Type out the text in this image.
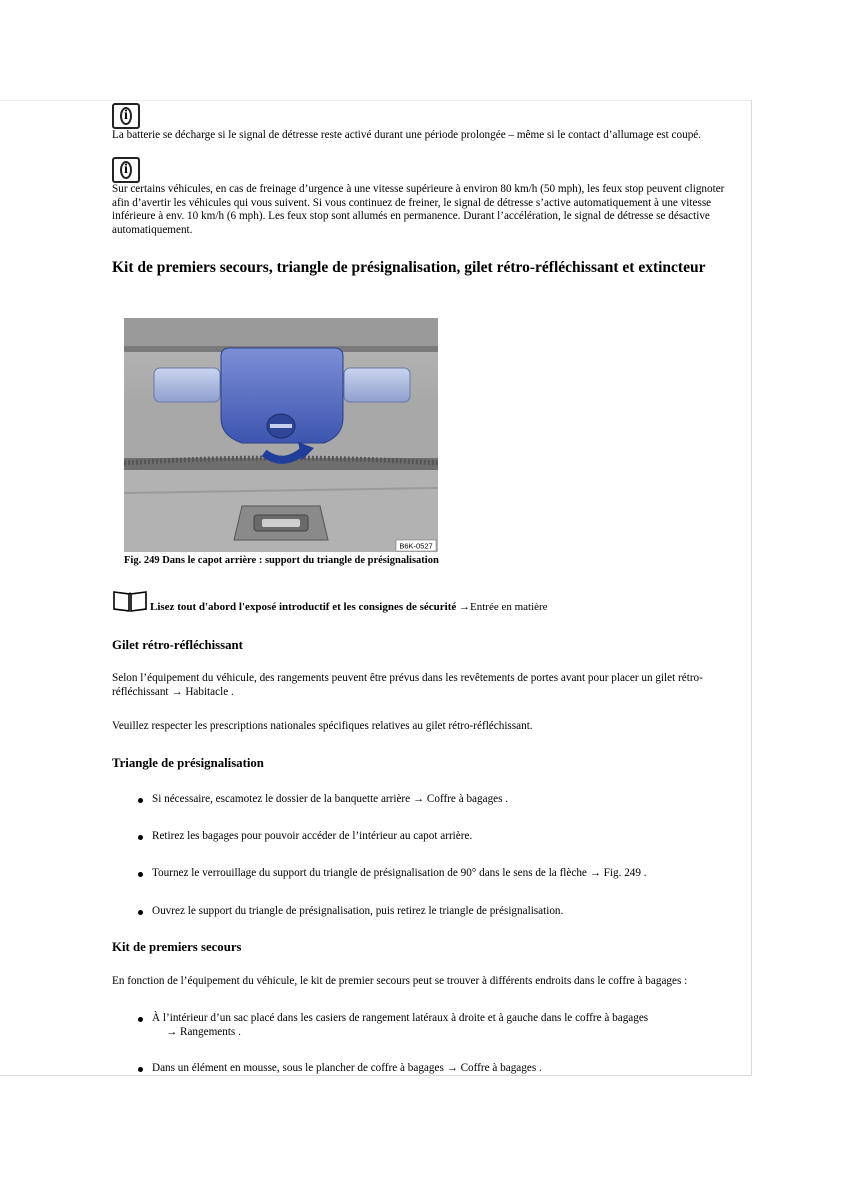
i
La batterie se décharge si le signal de détresse reste activé durant une période prolongée – même si le contact d’allumage est coupé.
i
Sur certains véhicules, en cas de freinage d’urgence à une vitesse supérieure à environ 80 km/h (50 mph), les feux stop peuvent clignoter afin d’avertir les véhicules qui vous suivent. Si vous continuez de freiner, le signal de détresse s’active automatiquement à une vitesse inférieure à env. 10 km/h (6 mph). Les feux stop sont allumés en permanence. Durant l’accélération, le signal de détresse se désactive automatiquement.
Kit de premiers secours, triangle de présignalisation, gilet rétro-réfléchissant et extincteur
B6K-0527
Fig. 249 Dans le capot arrière : support du triangle de présignalisation
Lisez tout d'abord l'exposé introductif et les consignes de sécurité →Entrée en matière
Gilet rétro-réfléchissant
Selon l’équipement du véhicule, des rangements peuvent être prévus dans les revêtements de portes avant pour placer un gilet rétro-réfléchissant → Habitacle .
Veuillez respecter les prescriptions nationales spécifiques relatives au gilet rétro-réfléchissant.
Triangle de présignalisation
Si nécessaire, escamotez le dossier de la banquette arrière → Coffre à bagages .
Retirez les bagages pour pouvoir accéder de l’intérieur au capot arrière.
Tournez le verrouillage du support du triangle de présignalisation de 90° dans le sens de la flèche → Fig. 249 .
Ouvrez le support du triangle de présignalisation, puis retirez le triangle de présignalisation.
Kit de premiers secours
En fonction de l’équipement du véhicule, le kit de premier secours peut se trouver à différents endroits dans le coffre à bagages :
À l’intérieur d’un sac placé dans les casiers de rangement latéraux à droite et à gauche dans le coffre à bagages
→ Rangements .
Dans un élément en mousse, sous le plancher de coffre à bagages → Coffre à bagages .
